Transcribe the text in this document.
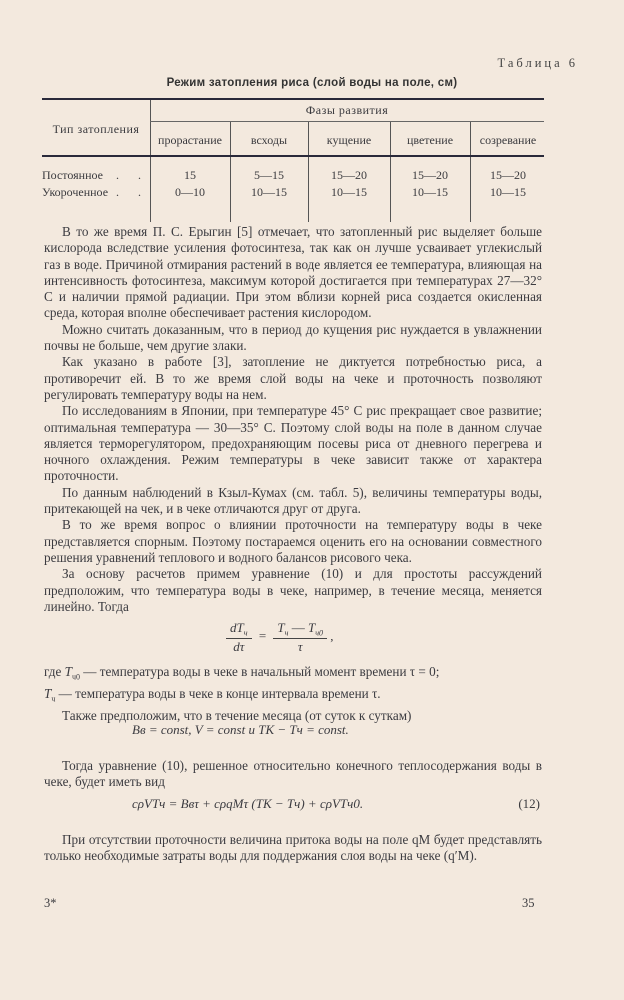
Таблица 6
Режим затопления риса (слой воды на поле, см)
Тип затопления
Фазы развития
прорастание	всходы	кущение	цветение	созревание
Постоянное . .	15	5—15	15—20	15—20	15—20
Укороченное . .	0—10	10—15	10—15	10—15	10—15

В то же время П. С. Ерыгин [5] отмечает, что затопленный рис выделяет больше кислорода вследствие усиления фотосинтеза, так как он лучше усваивает углекислый газ в воде. Причиной отмирания растений в воде является ее температура, влияющая на интенсивность фотосинтеза, максимум которой достигается при температурах 27—32° С и наличии прямой радиации. При этом вблизи корней риса создается окисленная среда, которая вполне обеспечивает растения кислородом.

Можно считать доказанным, что в период до кущения рис нуждается в увлажнении почвы не больше, чем другие злаки.

Как указано в работе [3], затопление не диктуется потребностью риса, а противоречит ей. В то же время слой воды на чеке и проточность позволяют регулировать температуру воды на нем.

По исследованиям в Японии, при температуре 45° С рис прекращает свое развитие; оптимальная температура — 30—35° С. Поэтому слой воды на поле в данном случае является терморегулятором, предохраняющим посевы риса от дневного перегрева и ночного охлаждения. Режим температуры в чеке зависит также от характера проточности.

По данным наблюдений в Кзыл-Кумах (см. табл. 5), величины температуры воды, притекающей на чек, и в чеке отличаются друг от друга.

В то же время вопрос о влиянии проточности на температуру воды в чеке представляется спорным. Поэтому постараемся оценить его на основании совместного решения уравнений теплового и водного балансов рисового чека.

За основу расчетов примем уравнение (10) и для простоты рассуждений предположим, что температура воды в чеке, например, в течение месяца, меняется линейно. Тогда

$\frac{dT_ч}{d\tau} = \frac{T_ч — T_{ч0}}{\tau}$ ,

где $T_{ч0}$ — температура воды в чеке в начальный момент времени τ = 0;

$T_ч$ — температура воды в чеке в конце интервала времени τ.

Также предположим, что в течение месяца (от суток к суткам)

Bв = const, V = const и TK − Tч = const.

Тогда уравнение (10), решенное относительно конечного теплосодержания воды в чеке, будет иметь вид

cρVTч = Bвτ + cρqMτ (TK − Tч) + cρVTч0.	(12)

При отсутствии проточности величина притока воды на поле qM будет представлять только необходимые затраты воды для поддержания слоя воды на чеке (q′M).

3*	35
